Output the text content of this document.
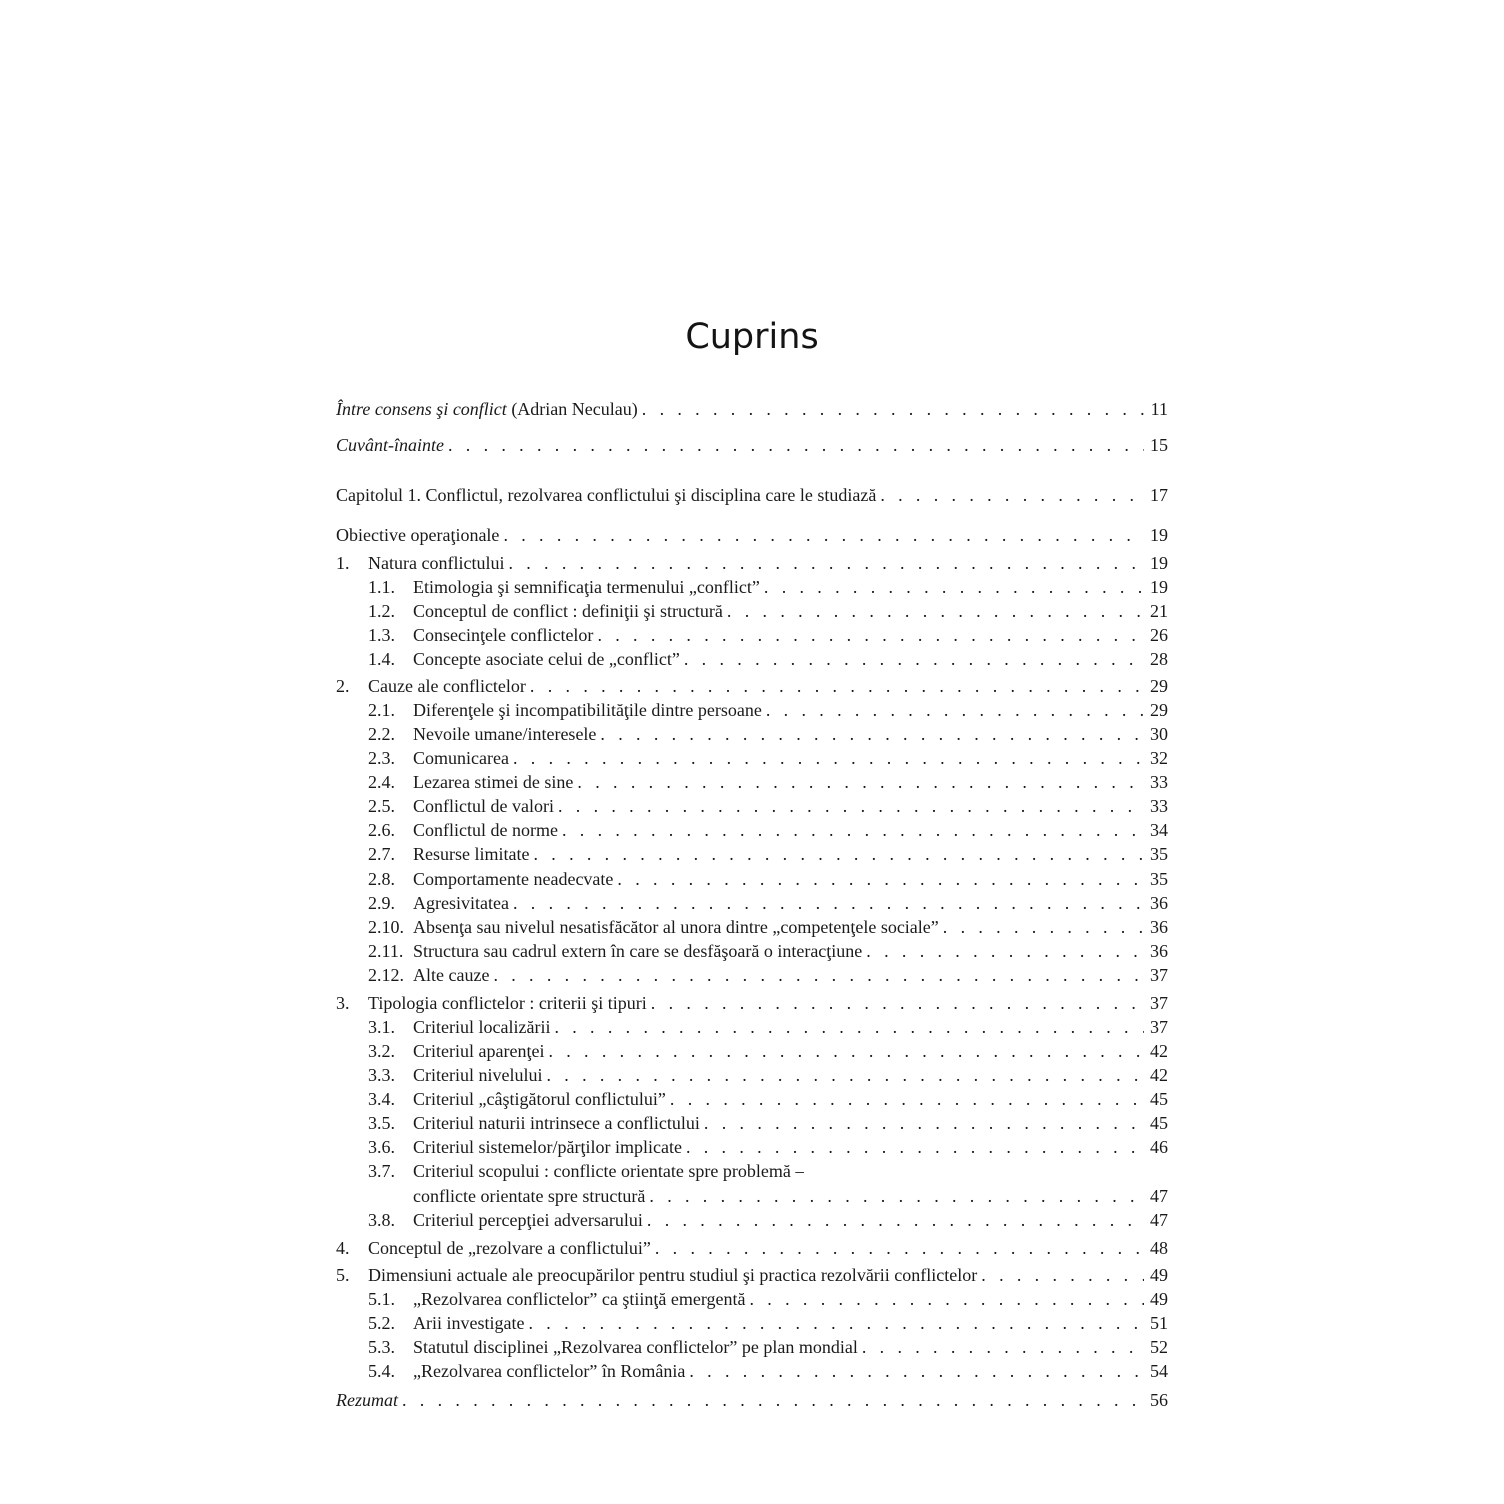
Cuprins
Între consens şi conflict (Adrian Neculau) . . .	11
Cuvânt-înainte . . .	15
Capitolul 1. Conflictul, rezolvarea conflictului şi disciplina care le studiază . . .	17
Obiective operaţionale . . .	19
1. Natura conflictului . . .	19
1.1. Etimologia şi semnificaţia termenului „conflict” . . .	19
1.2. Conceptul de conflict : definiţii şi structură . . .	21
1.3. Consecinţele conflictelor . . .	26
1.4. Concepte asociate celui de „conflict” . . .	28
2. Cauze ale conflictelor . . .	29
2.1. Diferenţele şi incompatibilităţile dintre persoane . . .	29
2.2. Nevoile umane/interesele . . .	30
2.3. Comunicarea . . .	32
2.4. Lezarea stimei de sine . . .	33
2.5. Conflictul de valori . . .	33
2.6. Conflictul de norme . . .	34
2.7. Resurse limitate . . .	35
2.8. Comportamente neadecvate . . .	35
2.9. Agresivitatea . . .	36
2.10. Absenţa sau nivelul nesatisfăcător al unora dintre „competenţele sociale” . . .	36
2.11. Structura sau cadrul extern în care se desfăşoară o interacţiune . . .	36
2.12. Alte cauze . . .	37
3. Tipologia conflictelor : criterii şi tipuri . . .	37
3.1. Criteriul localizării . . .	37
3.2. Criteriul aparenţei . . .	42
3.3. Criteriul nivelului . . .	42
3.4. Criteriul „câştigătorul conflictului” . . .	45
3.5. Criteriul naturii intrinsece a conflictului . . .	45
3.6. Criteriul sistemelor/părţilor implicate . . .	46
3.7. Criteriul scopului : conflicte orientate spre problemă –
conflicte orientate spre structură . . .	47
3.8. Criteriul percepţiei adversarului . . .	47
4. Conceptul de „rezolvare a conflictului” . . .	48
5. Dimensiuni actuale ale preocupărilor pentru studiul şi practica rezolvării conflictelor . . .	49
5.1. „Rezolvarea conflictelor” ca ştiinţă emergentă . . .	49
5.2. Arii investigate . . .	51
5.3. Statutul disciplinei „Rezolvarea conflictelor” pe plan mondial . . .	52
5.4. „Rezolvarea conflictelor” în România . . .	54
Rezumat . . .	56
